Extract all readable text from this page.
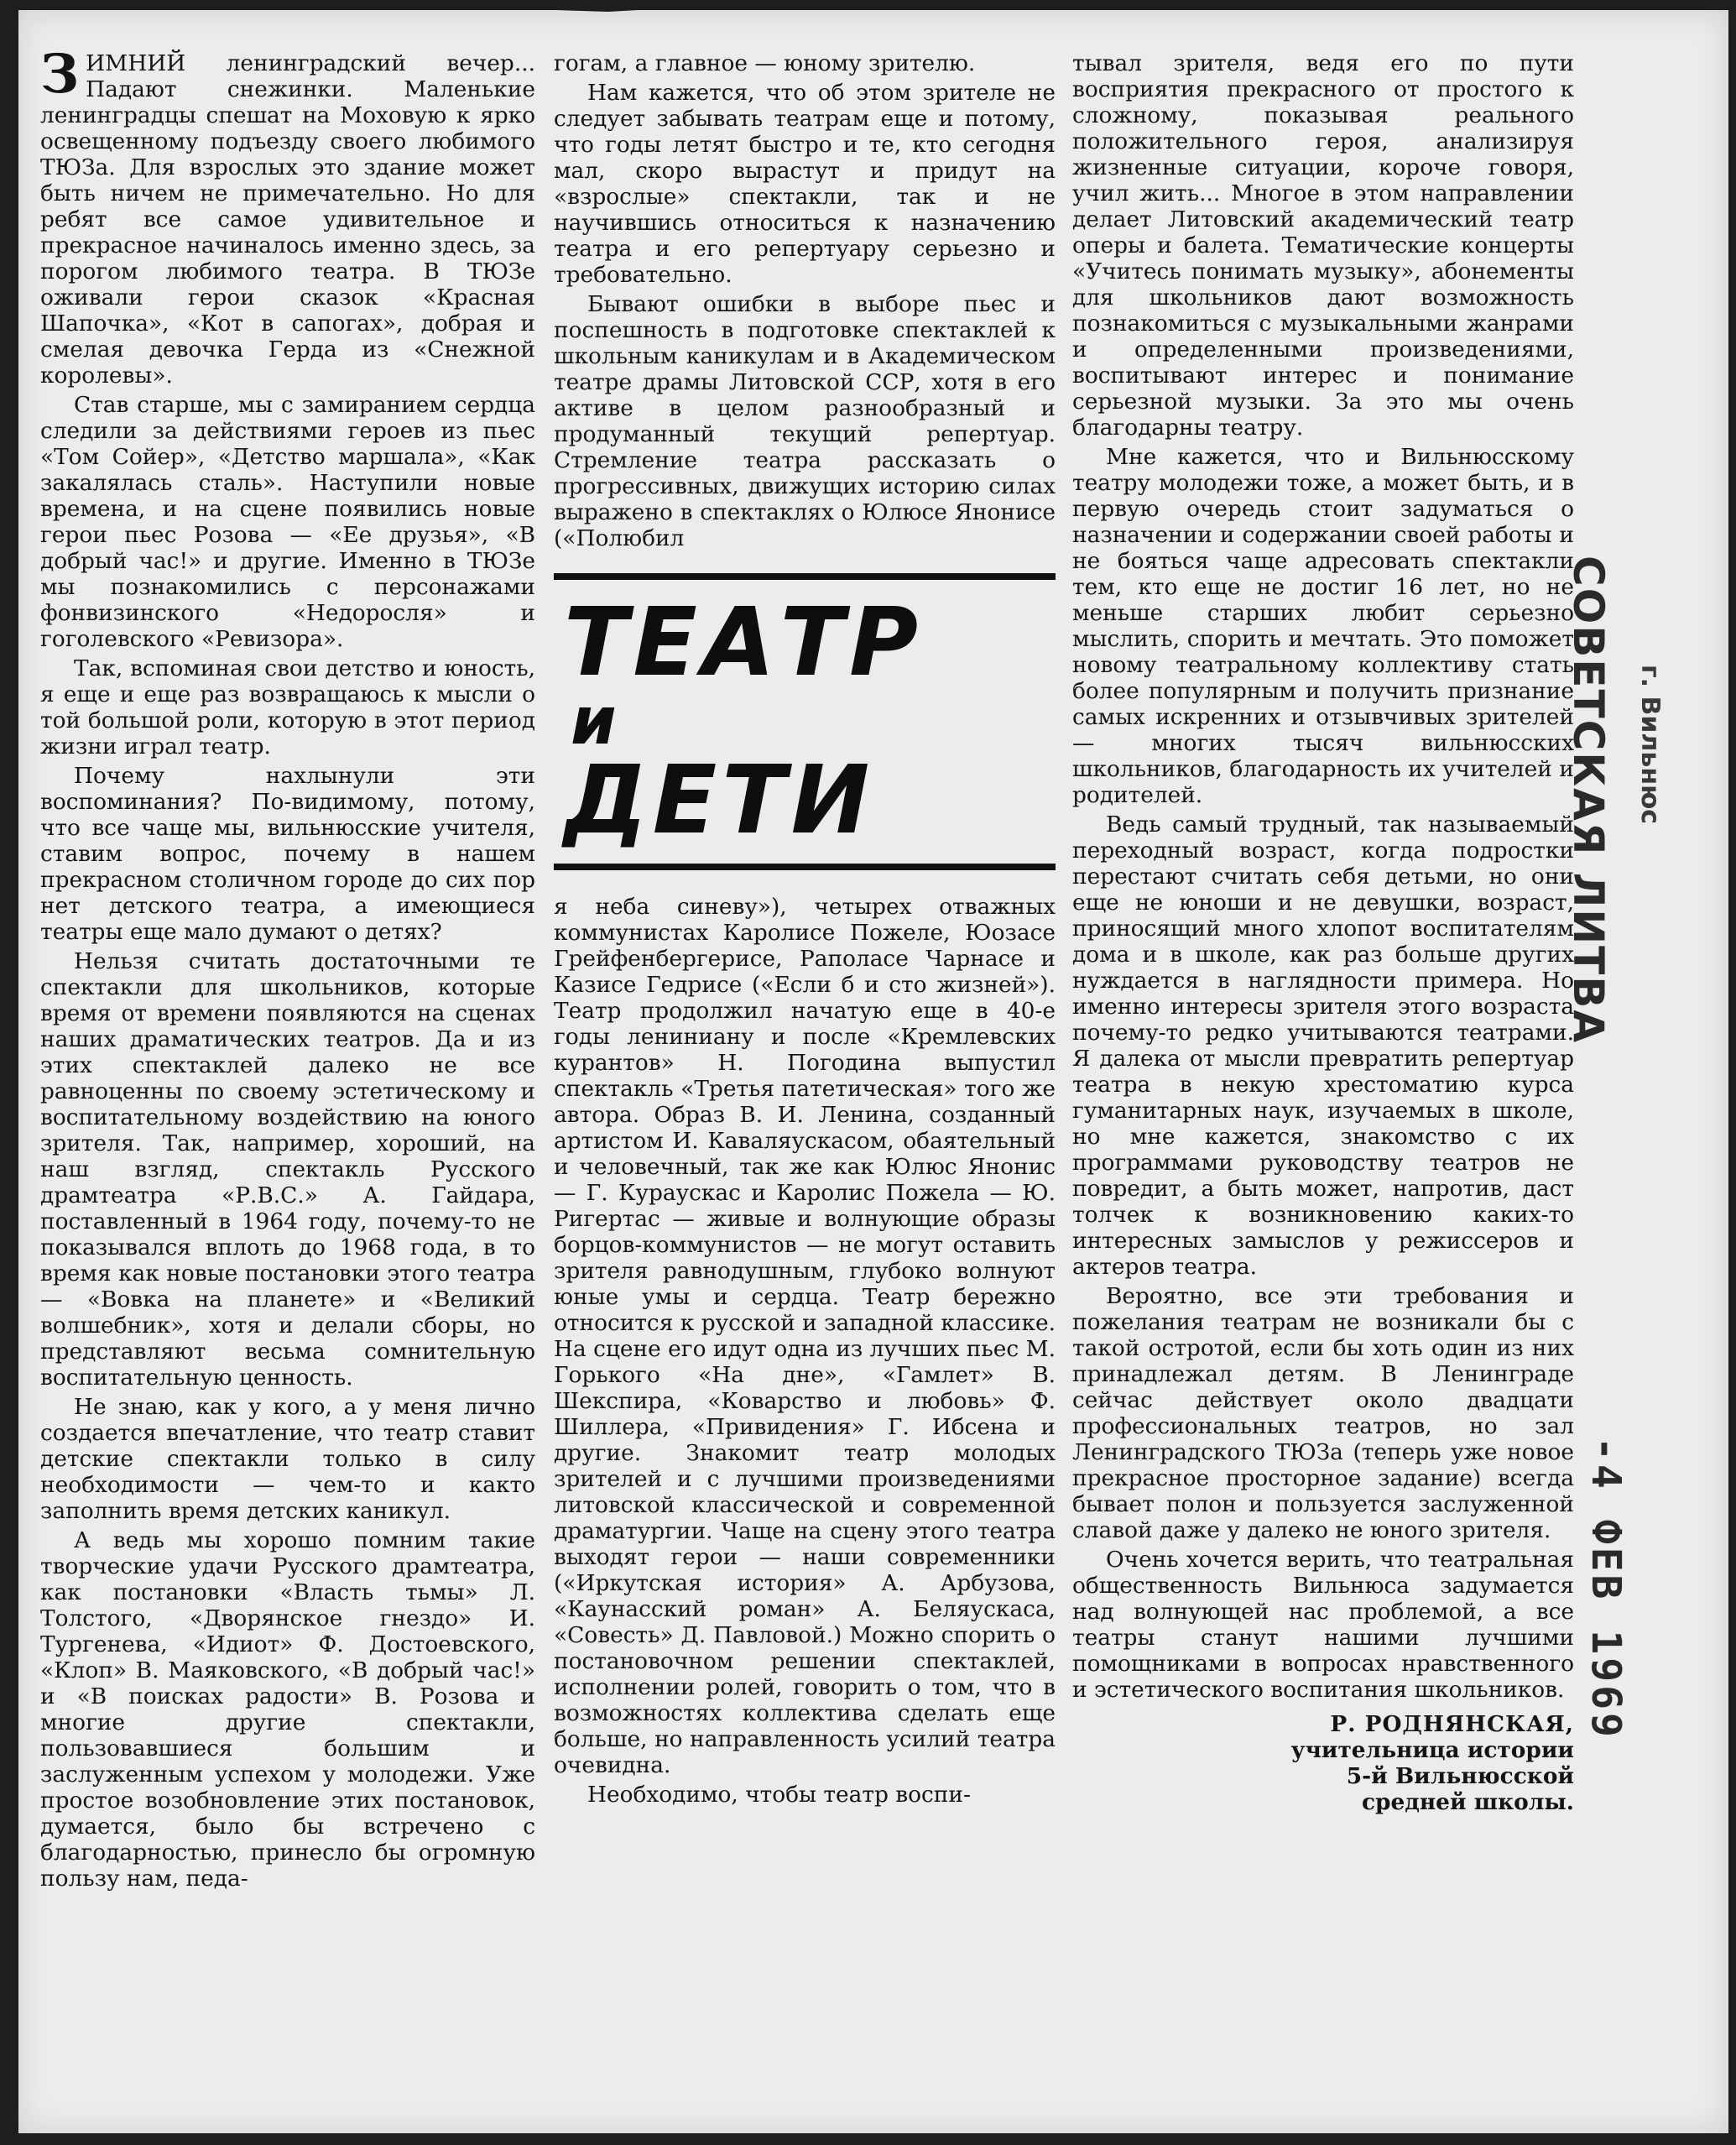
ЗИМНИЙ ленинградский вечер... Падают снежинки. Маленькие ленинградцы спешат на Моховую к ярко освещенному подъезду своего любимого ТЮЗа. Для взрослых это здание может быть ничем не примечательно. Но для ребят все самое удивительное и прекрасное начиналось именно здесь, за порогом любимого театра. В ТЮЗе оживали герои сказок «Красная Шапочка», «Кот в сапогах», добрая и смелая девочка Герда из «Снежной королевы».

Став старше, мы с замиранием сердца следили за действиями героев из пьес «Том Сойер», «Детство маршала», «Как закалялась сталь». Наступили новые времена, и на сцене появились новые герои пьес Розова — «Ее друзья», «В добрый час!» и другие. Именно в ТЮЗе мы познакомились с персонажами фонвизинского «Недоросля» и гоголевского «Ревизора».

Так, вспоминая свои детство и юность, я еще и еще раз возвращаюсь к мысли о той большой роли, которую в этот период жизни играл театр.

Почему нахлынули эти воспоминания? По-видимому, потому, что все чаще мы, вильнюсские учителя, ставим вопрос, почему в нашем прекрасном столичном городе до сих пор нет детского театра, а имеющиеся театры еще мало думают о детях?

Нельзя считать достаточными те спектакли для школьников, которые время от времени появляются на сценах наших драматических театров. Да и из этих спектаклей далеко не все равноценны по своему эстетическому и воспитательному воздействию на юного зрителя. Так, например, хороший, на наш взгляд, спектакль Русского драмтеатра «Р.В.С.» А. Гайдара, поставленный в 1964 году, почему-то не показывался вплоть до 1968 года, в то время как новые постановки этого театра — «Вовка на планете» и «Великий волшебник», хотя и делали сборы, но представляют весьма сомнительную воспитательную ценность.

Не знаю, как у кого, а у меня лично создается впечатление, что театр ставит детские спектакли только в силу необходимости — чем-то и както заполнить время детских каникул.

А ведь мы хорошо помним такие творческие удачи Русского драмтеатра, как постановки «Власть тьмы» Л. Толстого, «Дворянское гнездо» И. Тургенева, «Идиот» Ф. Достоевского, «Клоп» В. Маяковского, «В добрый час!» и «В поисках радости» В. Розова и многие другие спектакли, пользовавшиеся большим и заслуженным успехом у молодежи. Уже простое возобновление этих постановок, думается, было бы встречено с благодарностью, принесло бы огромную пользу нам, педа-

гогам, а главное — юному зрителю.

Нам кажется, что об этом зрителе не следует забывать театрам еще и потому, что годы летят быстро и те, кто сегодня мал, скоро вырастут и придут на «взрослые» спектакли, так и не научившись относиться к назначению театра и его репертуару серьезно и требовательно.

Бывают ошибки в выборе пьес и поспешность в подготовке спектаклей к школьным каникулам и в Академическом театре драмы Литовской ССР, хотя в его активе в целом разнообразный и продуманный текущий репертуар. Стремление театра рассказать о прогрессивных, движущих историю силах выражено в спектаклях о Юлюсе Янонисе («Полюбил

ТЕАТР
и
ДЕТИ

я неба синеву»), четырех отважных коммунистах Каролисе Пожеле, Юозасе Грейфенбергерисе, Раполасе Чарнасе и Казисе Гедрисе («Если б и сто жизней»). Театр продолжил начатую еще в 40-е годы лениниану и после «Кремлевских курантов» Н. Погодина выпустил спектакль «Третья патетическая» того же автора. Образ В. И. Ленина, созданный артистом И. Каваляускасом, обаятельный и человечный, так же как Юлюс Янонис — Г. Кураускас и Каролис Пожела — Ю. Ригертас — живые и волнующие образы борцов-коммунистов — не могут оставить зрителя равнодушным, глубоко волнуют юные умы и сердца. Театр бережно относится к русской и западной классике. На сцене его идут одна из лучших пьес М. Горького «На дне», «Гамлет» В. Шекспира, «Коварство и любовь» Ф. Шиллера, «Привидения» Г. Ибсена и другие. Знакомит театр молодых зрителей и с лучшими произведениями литовской классической и современной драматургии. Чаще на сцену этого театра выходят герои — наши современники («Иркутская история» А. Арбузова, «Каунасский роман» А. Беляускаса, «Совесть» Д. Павловой.) Можно спорить о постановочном решении спектаклей, исполнении ролей, говорить о том, что в возможностях коллектива сделать еще больше, но направленность усилий театра очевидна.

Необходимо, чтобы театр воспи-

тывал зрителя, ведя его по пути восприятия прекрасного от простого к сложному, показывая реального положительного героя, анализируя жизненные ситуации, короче говоря, учил жить... Многое в этом направлении делает Литовский академический театр оперы и балета. Тематические концерты «Учитесь понимать музыку», абонементы для школьников дают возможность познакомиться с музыкальными жанрами и определенными произведениями, воспитывают интерес и понимание серьезной музыки. За это мы очень благодарны театру.

Мне кажется, что и Вильнюсскому театру молодежи тоже, а может быть, и в первую очередь стоит задуматься о назначении и содержании своей работы и не бояться чаще адресовать спектакли тем, кто еще не достиг 16 лет, но не меньше старших любит серьезно мыслить, спорить и мечтать. Это поможет новому театральному коллективу стать более популярным и получить признание самых искренних и отзывчивых зрителей — многих тысяч вильнюсских школьников, благодарность их учителей и родителей.

Ведь самый трудный, так называемый переходный возраст, когда подростки перестают считать себя детьми, но они еще не юноши и не девушки, возраст, приносящий много хлопот воспитателям дома и в школе, как раз больше других нуждается в наглядности примера. Но именно интересы зрителя этого возраста почему-то редко учитываются театрами. Я далека от мысли превратить репертуар театра в некую хрестоматию курса гуманитарных наук, изучаемых в школе, но мне кажется, знакомство с их программами руководству театров не повредит, а быть может, напротив, даст толчек к возникновению каких-то интересных замыслов у режиссеров и актеров театра.

Вероятно, все эти требования и пожелания театрам не возникали бы с такой остротой, если бы хоть один из них принадлежал детям. В Ленинграде сейчас действует около двадцати профессиональных театров, но зал Ленинградского ТЮЗа (теперь уже новое прекрасное просторное задание) всегда бывает полон и пользуется заслуженной славой даже у далеко не юного зрителя.

Очень хочется верить, что театральная общественность Вильнюса задумается над волнующей нас проблемой, а все театры станут нашими лучшими помощниками в вопросах нравственного и эстетического воспитания школьников.

Р. РОДНЯНСКАЯ,
учительница истории
5-й Вильнюсской
средней школы.
СОВЕТСКАЯ ЛИТВА г. Вильнюс
-4 ФЕВ 1969
